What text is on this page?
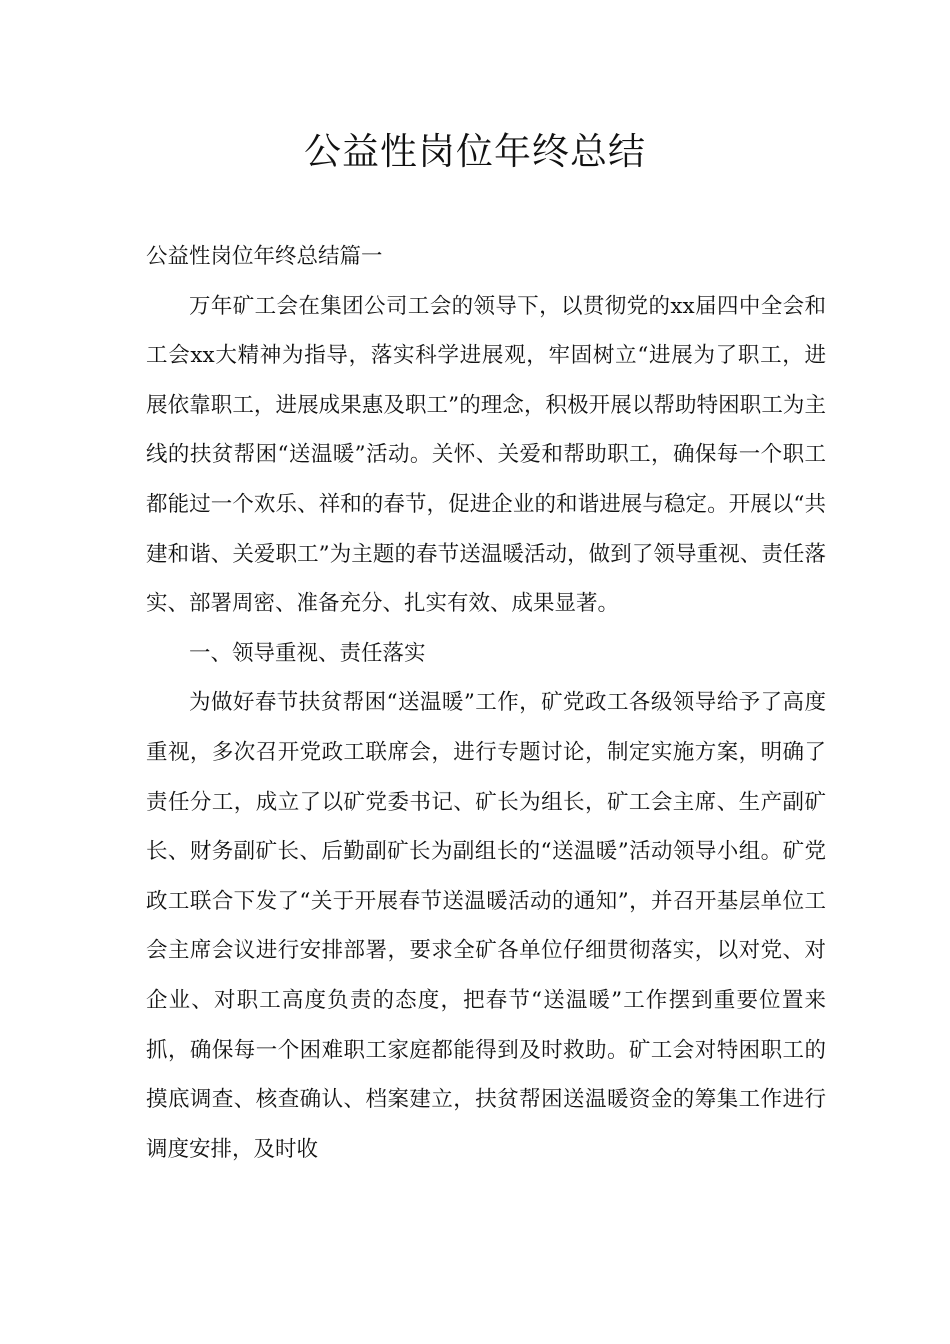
公益性岗位年终总结

公益性岗位年终总结篇一

万年矿工会在集团公司工会的领导下，以贯彻党的xx届四中全会和工会xx大精神为指导，落实科学进展观，牢固树立“进展为了职工，进展依靠职工，进展成果惠及职工”的理念，积极开展以帮助特困职工为主线的扶贫帮困“送温暖”活动。关怀、关爱和帮助职工，确保每一个职工都能过一个欢乐、祥和的春节，促进企业的和谐进展与稳定。开展以“共建和谐、关爱职工”为主题的春节送温暖活动，做到了领导重视、责任落实、部署周密、准备充分、扎实有效、成果显著。

一、领导重视、责任落实

为做好春节扶贫帮困“送温暖”工作，矿党政工各级领导给予了高度重视，多次召开党政工联席会，进行专题讨论，制定实施方案，明确了责任分工，成立了以矿党委书记、矿长为组长，矿工会主席、生产副矿长、财务副矿长、后勤副矿长为副组长的“送温暖”活动领导小组。矿党政工联合下发了“关于开展春节送温暖活动的通知”，并召开基层单位工会主席会议进行安排部署，要求全矿各单位仔细贯彻落实，以对党、对企业、对职工高度负责的态度，把春节“送温暖”工作摆到重要位置来抓，确保每一个困难职工家庭都能得到及时救助。矿工会对特困职工的摸底调查、核查确认、档案建立，扶贫帮困送温暖资金的筹集工作进行调度安排，及时收
